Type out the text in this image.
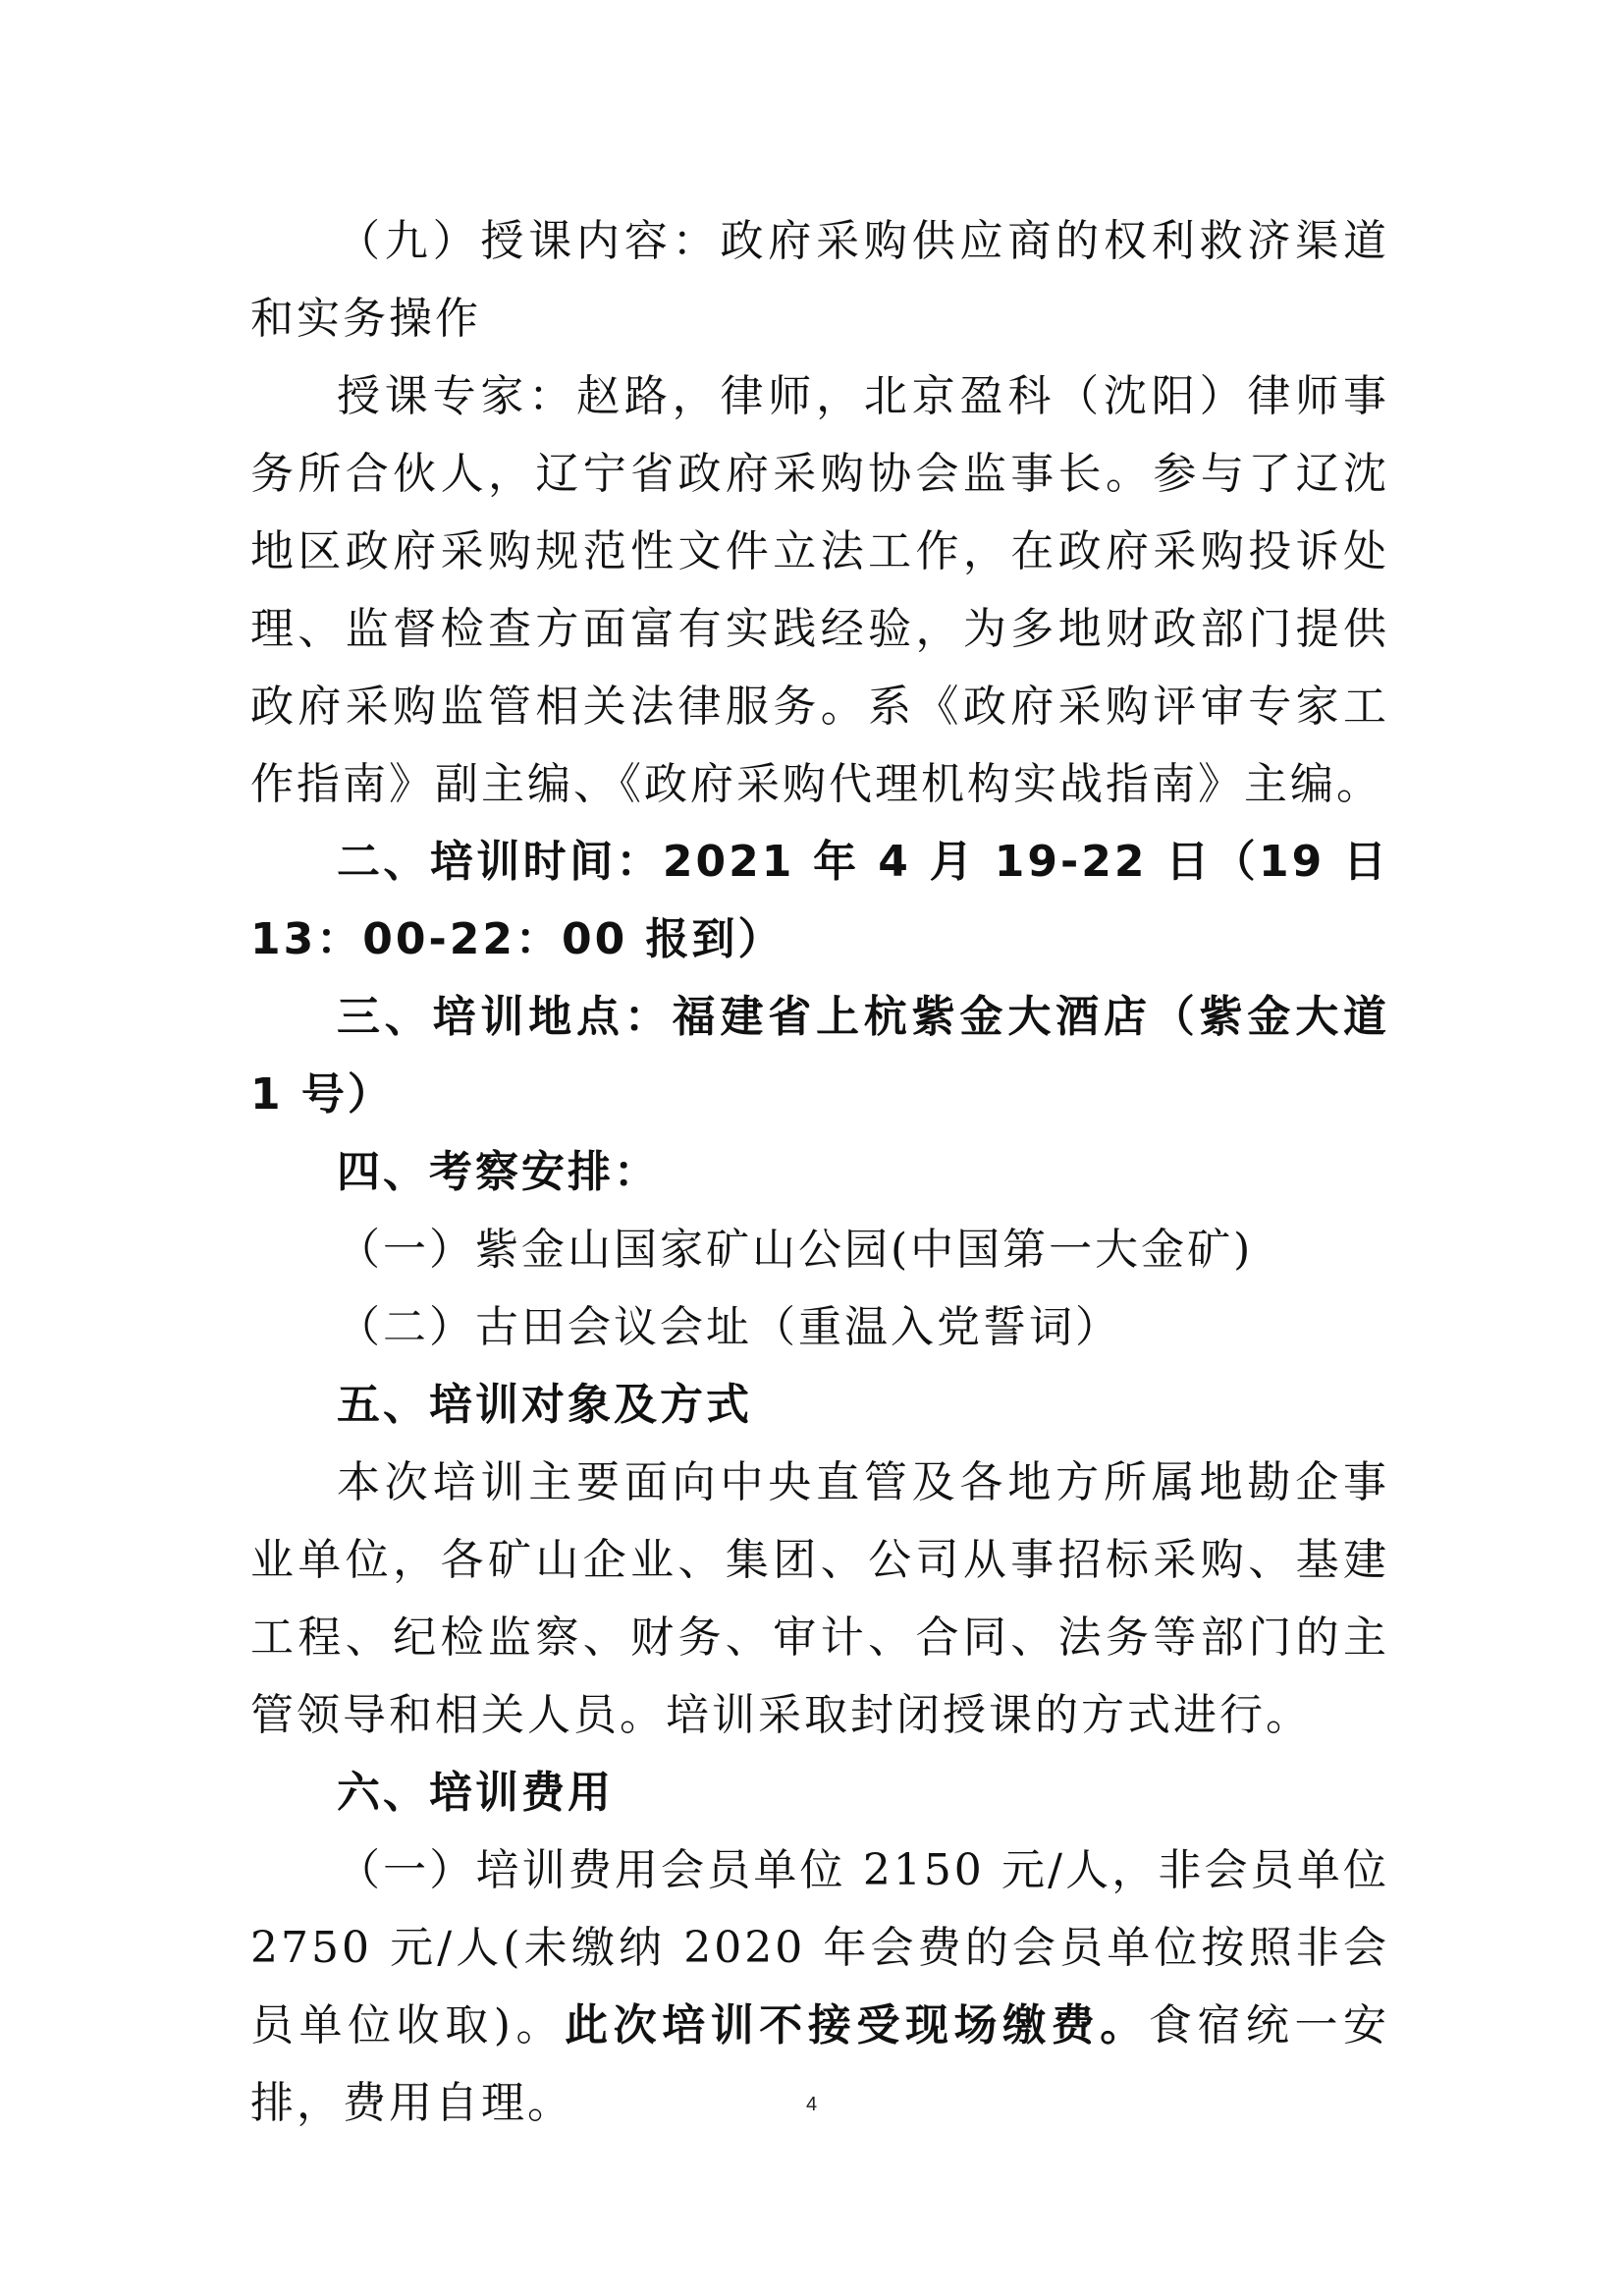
（九）授课内容：政府采购供应商的权利救济渠道和实务操作

授课专家：赵路，律师，北京盈科（沈阳）律师事务所合伙人，辽宁省政府采购协会监事长。参与了辽沈地区政府采购规范性文件立法工作，在政府采购投诉处理、监督检查方面富有实践经验，为多地财政部门提供政府采购监管相关法律服务。系《政府采购评审专家工作指南》副主编、《政府采购代理机构实战指南》主编。

二、培训时间：2021 年 4 月 19-22 日（19 日 13：00-22：00 报到）

三、培训地点：福建省上杭紫金大酒店（紫金大道 1 号）

四、考察安排：

（一）紫金山国家矿山公园(中国第一大金矿)

（二）古田会议会址（重温入党誓词）

五、培训对象及方式

本次培训主要面向中央直管及各地方所属地勘企事业单位，各矿山企业、集团、公司从事招标采购、基建工程、纪检监察、财务、审计、合同、法务等部门的主管领导和相关人员。培训采取封闭授课的方式进行。

六、培训费用

（一）培训费用会员单位 2150 元/人，非会员单位 2750 元/人(未缴纳 2020 年会费的会员单位按照非会员单位收取)。此次培训不接受现场缴费。食宿统一安排，费用自理。	4
